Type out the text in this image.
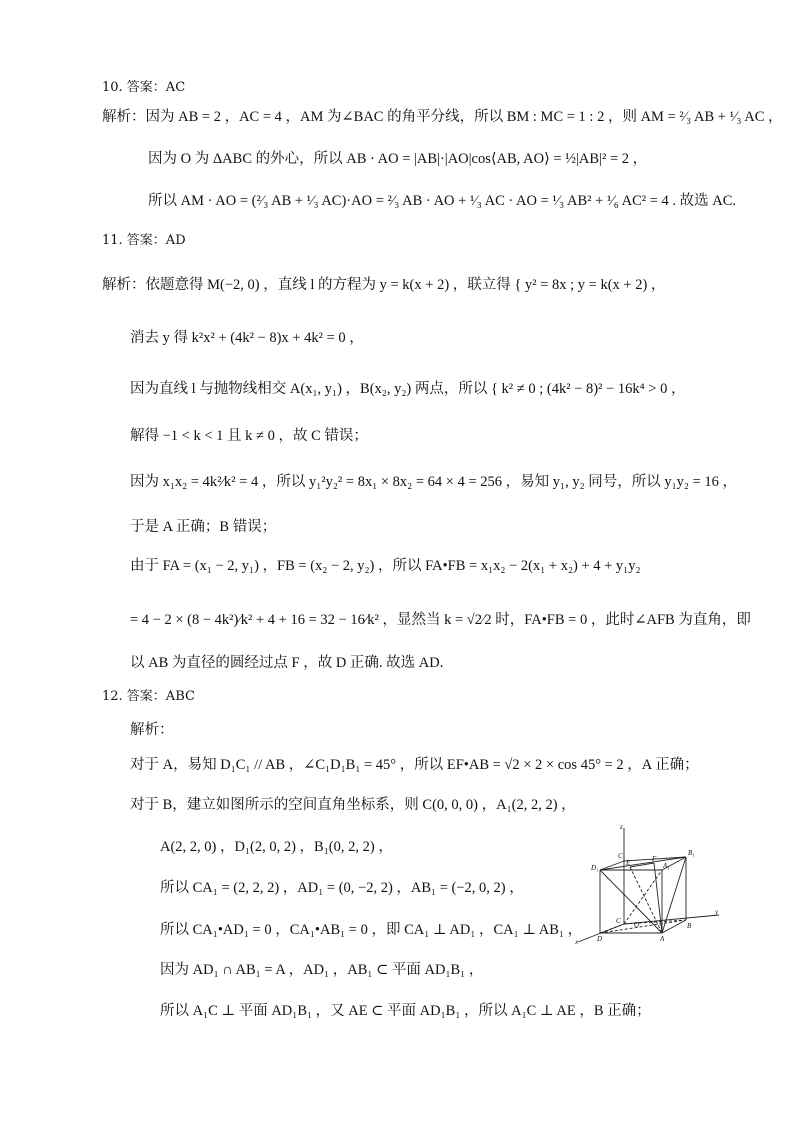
10. 答案：AC
解析：因为 AB = 2 ，AC = 4 ，AM 为∠BAC 的角平分线，所以 BM : MC = 1 : 2 ，则 AM = ²⁄₃ AB + ¹⁄₃ AC ，
因为 O 为 ΔABC 的外心，所以 AB · AO = |AB|·|AO|cos⟨AB, AO⟩ = ½|AB|² = 2 ，
所以 AM · AO = (²⁄₃ AB + ¹⁄₃ AC)·AO = ²⁄₃ AB · AO + ¹⁄₃ AC · AO = ¹⁄₃ AB² + ¹⁄₆ AC² = 4 . 故选 AC.
11. 答案：AD
解析：依题意得 M(−2, 0) ，直线 l 的方程为 y = k(x + 2) ，联立得 { y² = 8x ; y = k(x + 2) ，
消去 y 得 k²x² + (4k² − 8)x + 4k² = 0 ，
因为直线 l 与抛物线相交 A(x₁, y₁) ，B(x₂, y₂) 两点，所以 { k² ≠ 0 ; (4k² − 8)² − 16k⁴ > 0 ，
解得 −1 < k < 1 且 k ≠ 0 ，故 C 错误；
因为 x₁x₂ = 4k²⁄k² = 4 ，所以 y₁²y₂² = 8x₁ × 8x₂ = 64 × 4 = 256 ，易知 y₁, y₂ 同号，所以 y₁y₂ = 16 ，
于是 A 正确；B 错误；
由于 FA = (x₁ − 2, y₁) ，FB = (x₂ − 2, y₂) ，所以 FA•FB = x₁x₂ − 2(x₁ + x₂) + 4 + y₁y₂
= 4 − 2 × (8 − 4k²)⁄k² + 4 + 16 = 32 − 16⁄k² ，显然当 k = √2⁄2 时，FA•FB = 0 ，此时∠AFB 为直角，即
以 AB 为直径的圆经过点 F ，故 D 正确. 故选 AD.
12. 答案：ABC
解析：
对于 A，易知 D₁C₁ // AB ，∠C₁D₁B₁ = 45° ，所以 EF•AB = √2 × 2 × cos 45° = 2 ，A 正确；
对于 B，建立如图所示的空间直角坐标系，则 C(0, 0, 0) ，A₁(2, 2, 2) ，
A(2, 2, 0) ，D₁(2, 0, 2) ，B₁(0, 2, 2) ，
所以 CA₁ = (2, 2, 2) ，AD₁ = (0, −2, 2) ，AB₁ = (−2, 0, 2) ，
所以 CA₁•AD₁ = 0 ，CA₁•AB₁ = 0 ，即 CA₁ ⊥ AD₁ ，CA₁ ⊥ AB₁ ，
因为 AD₁ ∩ AB₁ = A ，AD₁ ，AB₁ ⊂ 平面 AD₁B₁ ，
所以 A₁C ⊥ 平面 AD₁B₁ ，又 AE ⊂ 平面 AD₁B₁ ，所以 A₁C ⊥ AE ，B 正确；
z
y
x
C₁
D₁
B₁
A₁
E	F
C O
D	A
B
